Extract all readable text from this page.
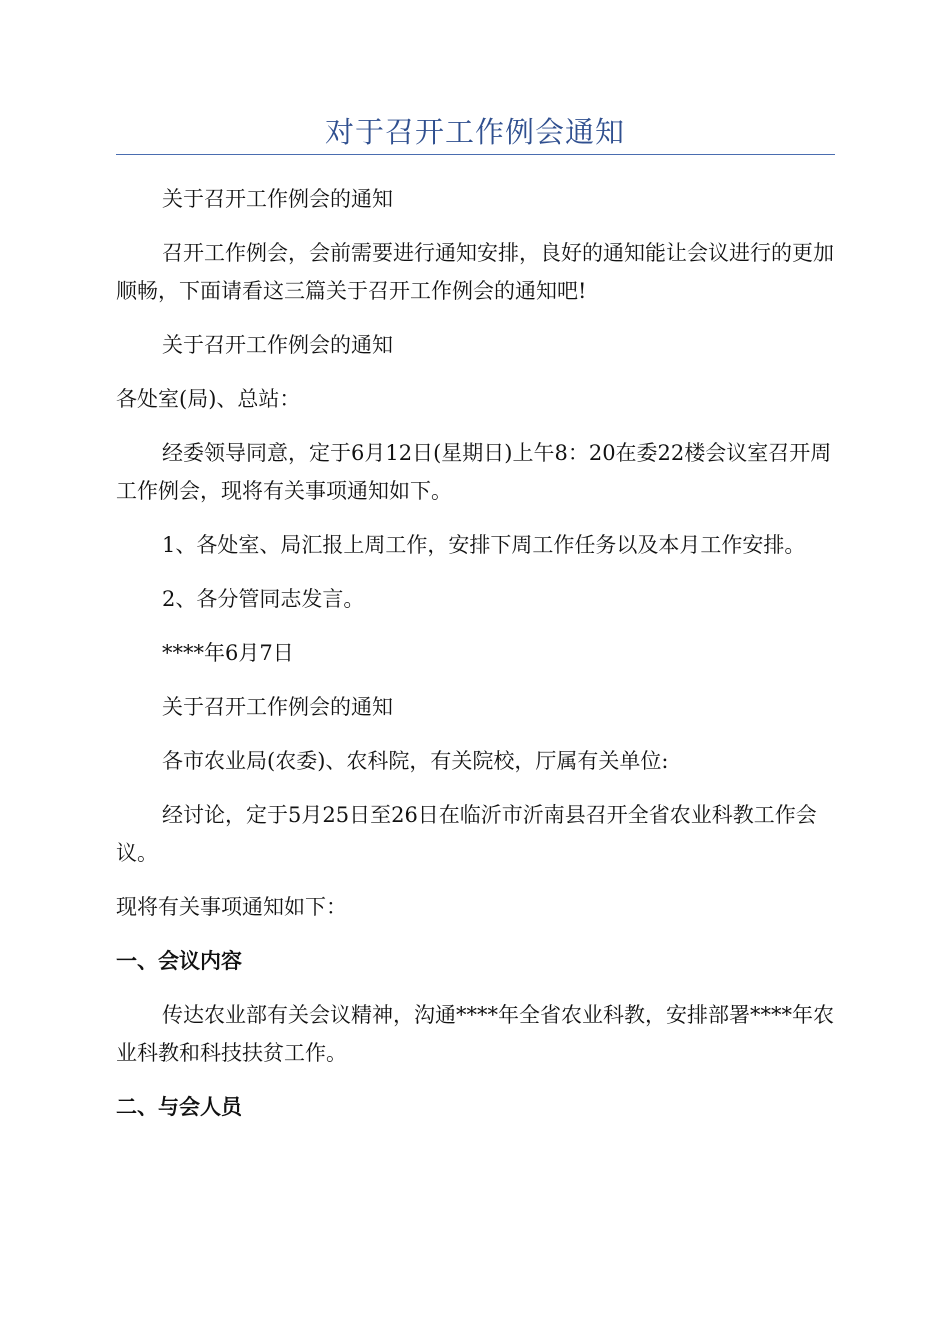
对于召开工作例会通知

关于召开工作例会的通知

召开工作例会，会前需要进行通知安排，良好的通知能让会议进行的更加顺畅，下面请看这三篇关于召开工作例会的通知吧!

关于召开工作例会的通知

各处室(局)、总站：

经委领导同意，定于6月12日(星期日)上午8：20在委22楼会议室召开周工作例会，现将有关事项通知如下。

1、各处室、局汇报上周工作，安排下周工作任务以及本月工作安排。

2、各分管同志发言。

****年6月7日

关于召开工作例会的通知

各市农业局(农委)、农科院，有关院校，厅属有关单位:

经讨论，定于5月25日至26日在临沂市沂南县召开全省农业科教工作会议。

现将有关事项通知如下：

一、会议内容

传达农业部有关会议精神，沟通****年全省农业科教，安排部署****年农业科教和科技扶贫工作。

二、与会人员
